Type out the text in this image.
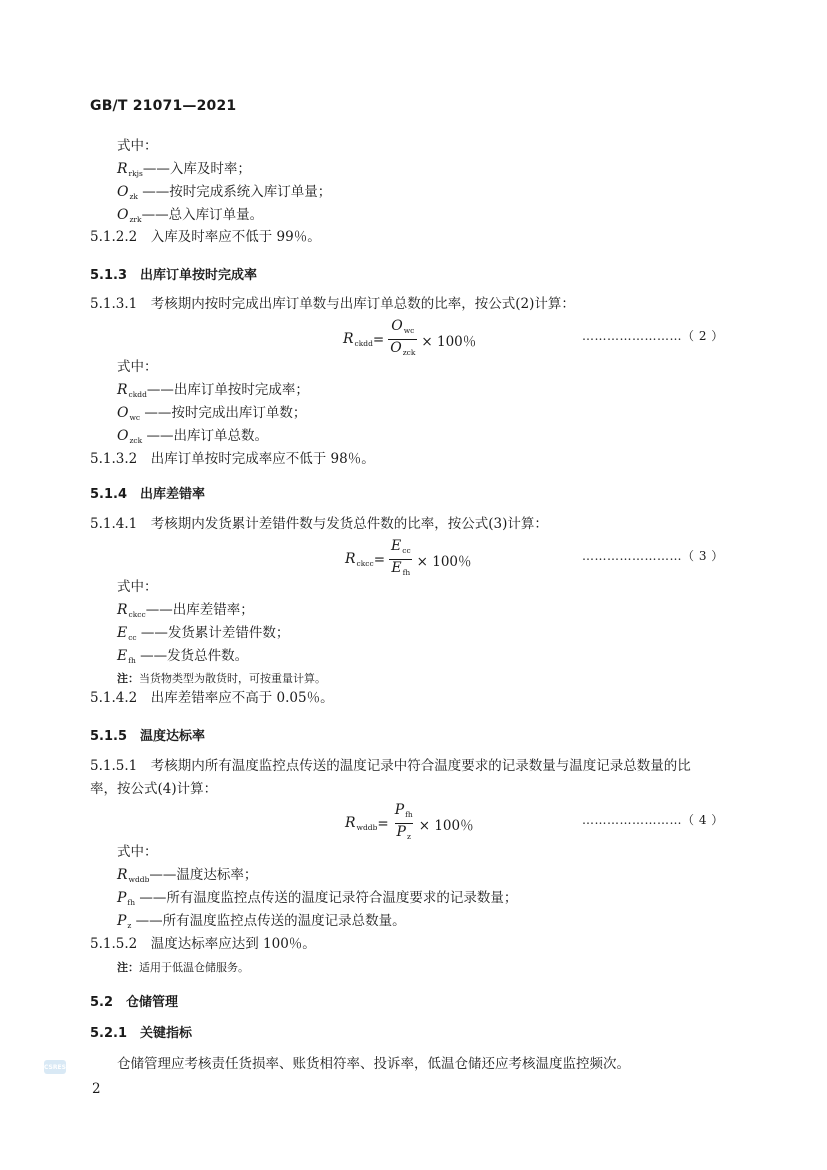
GB/T 21071—2021
式中：
$R_{rkjs}——$入库及时率；
$O_{zk}$ ——按时完成系统入库订单量；
$O_{zrk}——$总入库订单量。
5.1.2.2　入库及时率应不低于 99％。
5.1.3　出库订单按时完成率
5.1.3.1　考核期内按时完成出库订单数与出库订单总数的比率，按公式(2)计算：
$R_{ckdd} = \frac{O_{wc}}{O_{zck}} \times 100$％	……………………（ 2 ）
式中：
$R_{ckdd}——$出库订单按时完成率；
$O_{wc}$ ——按时完成出库订单数；
$O_{zck}$ ——出库订单总数。
5.1.3.2　出库订单按时完成率应不低于 98％。
5.1.4　出库差错率
5.1.4.1　考核期内发货累计差错件数与发货总件数的比率，按公式(3)计算：
$R_{ckcc} = \frac{E_{cc}}{E_{fh}} \times 100$％	……………………（ 3 ）
式中：
$R_{ckcc}——$出库差错率；
$E_{cc}$ ——发货累计差错件数；
$E_{fh}$ ——发货总件数。
注：当货物类型为散货时，可按重量计算。
5.1.4.2　出库差错率应不高于 0.05％。
5.1.5　温度达标率
5.1.5.1　考核期内所有温度监控点传送的温度记录中符合温度要求的记录数量与温度记录总数量的比
率，按公式(4)计算：
$R_{wddb} = \frac{P_{fh}}{P_z} \times 100$％	……………………（ 4 ）
式中：
$R_{wddb}——$温度达标率；
$P_{fh}$ ——所有温度监控点传送的温度记录符合温度要求的记录数量；
$P_z$ ——所有温度监控点传送的温度记录总数量。
5.1.5.2　温度达标率应达到 100％。
注：适用于低温仓储服务。
5.2　仓储管理
5.2.1　关键指标
仓储管理应考核责任货损率、账货相符率、投诉率，低温仓储还应考核温度监控频次。
CSRES
2
